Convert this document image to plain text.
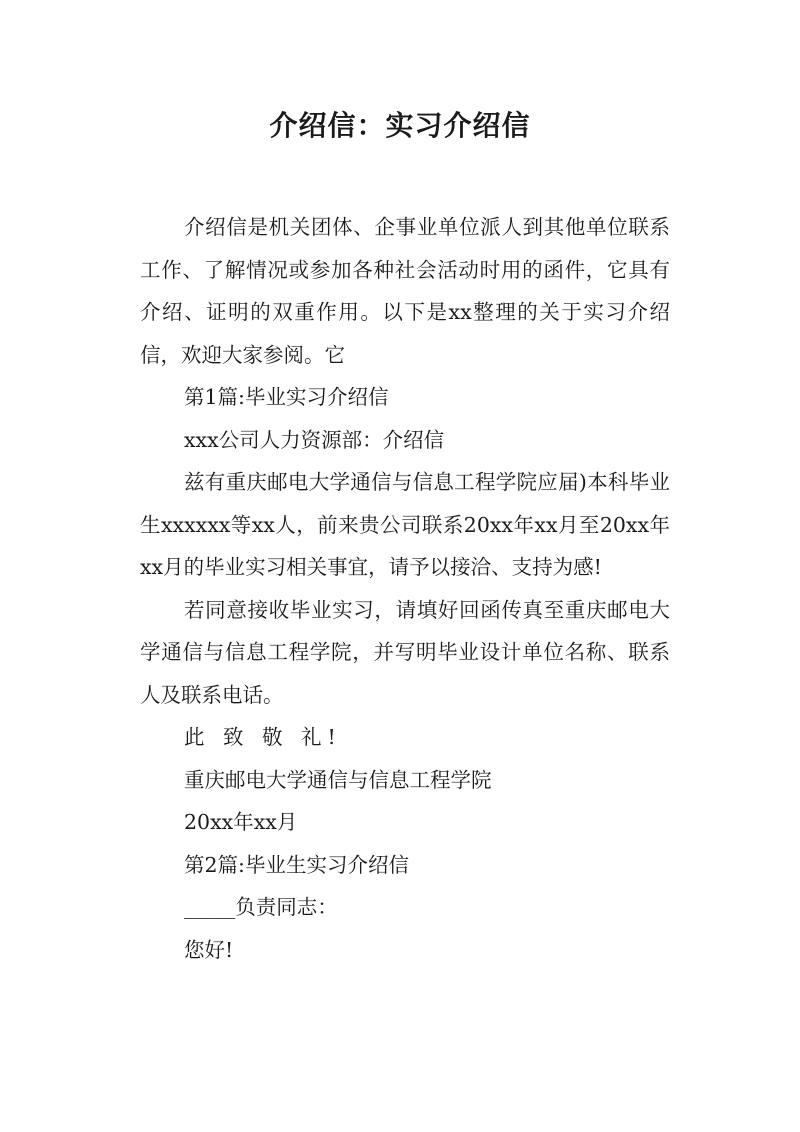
介绍信：实习介绍信

介绍信是机关团体、企事业单位派人到其他单位联系工作、了解情况或参加各种社会活动时用的函件，它具有介绍、证明的双重作用。以下是xx整理的关于实习介绍信，欢迎大家参阅。它

第1篇:毕业实习介绍信

xxx公司人力资源部：介绍信

兹有重庆邮电大学通信与信息工程学院应届)本科毕业生xxxxxx等xx人，前来贵公司联系20xx年xx月至20xx年xx月的毕业实习相关事宜，请予以接洽、支持为感!

若同意接收毕业实习，请填好回函传真至重庆邮电大学通信与信息工程学院，并写明毕业设计单位名称、联系人及联系电话。

此 致 敬 礼!

重庆邮电大学通信与信息工程学院

20xx年xx月

第2篇:毕业生实习介绍信

_____负责同志：

您好!
